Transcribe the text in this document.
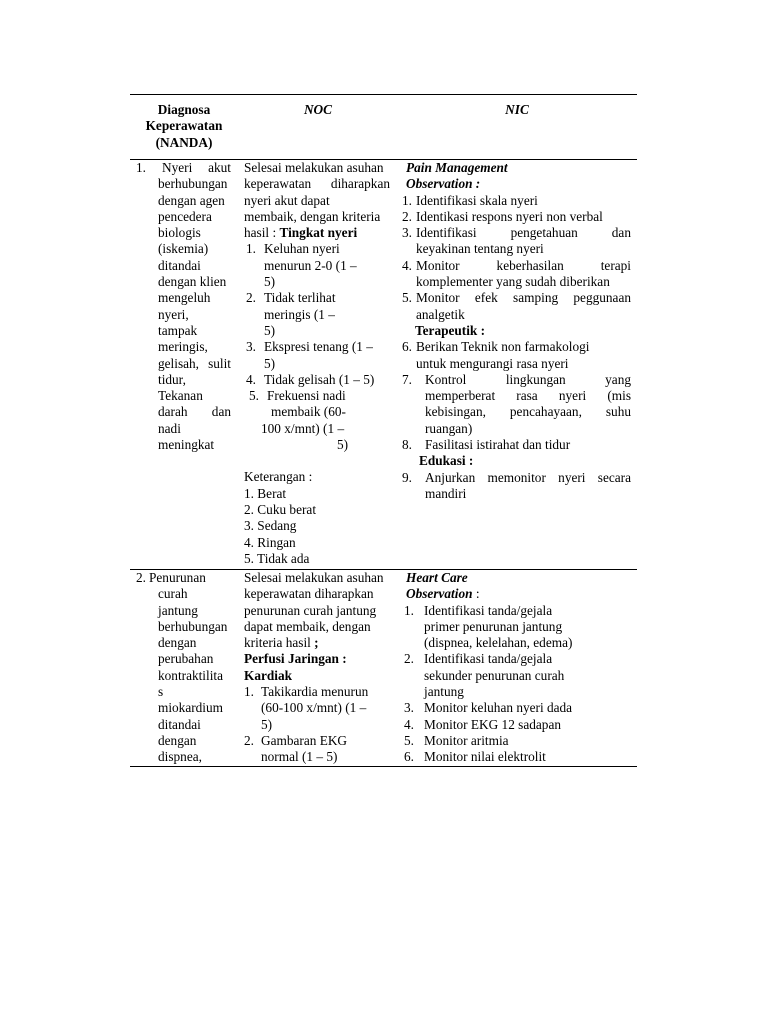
Diagnosa
Keperawatan
(NANDA)
NOC	NIC
1.	Nyeri akut
berhubungan
dengan agen
pencedera
biologis
(iskemia)
ditandai
dengan klien
mengeluh
nyeri,
tampak
meringis,
gelisah, sulit
tidur,
Tekanan
darah dan
nadi
meningkat
Selesai melakukan asuhan
keperawatan diharapkan
nyeri akut dapat
membaik, dengan kriteria
hasil : Tingkat nyeri
1. Keluhan nyeri
menurun 2-0 (1 –
5)
2. Tidak terlihat
meringis (1 –
5)
3. Ekspresi tenang (1 –
5)
4. Tidak gelisah (1 – 5)
5. Frekuensi nadi
membaik (60-
100 x/mnt) (1 –
5)
Keterangan :
1. Berat
2. Cuku berat
3. Sedang
4. Ringan
5. Tidak ada
Pain Management
Observation :
1. Identifikasi skala nyeri
2. Identikasi respons nyeri non verbal
3. Identifikasi pengetahuan dan
keyakinan tentang nyeri
4. Monitor keberhasilan terapi
komplementer yang sudah diberikan
5. Monitor efek samping peggunaan
analgetik
Terapeutik :
6. Berikan Teknik non farmakologi
untuk mengurangi rasa nyeri
7. Kontrol lingkungan yang
memperberat rasa nyeri (mis
kebisingan, pencahayaan, suhu
ruangan)
8. Fasilitasi istirahat dan tidur
Edukasi :
9. Anjurkan memonitor nyeri secara
mandiri
2. Penurunan
curah
jantung
berhubungan
dengan
perubahan
kontraktilita
s
miokardium
ditandai
dengan
dispnea,
Selesai melakukan asuhan
keperawatan diharapkan
penurunan curah jantung
dapat membaik, dengan
kriteria hasil ;
Perfusi Jaringan :
Kardiak
1. Takikardia menurun
(60-100 x/mnt) (1 –
5)
2. Gambaran EKG
normal (1 – 5)
Heart Care
Observation :
1. Identifikasi tanda/gejala
primer penurunan jantung
(dispnea, kelelahan, edema)
2. Identifikasi tanda/gejala
sekunder penurunan curah
jantung
3. Monitor keluhan nyeri dada
4. Monitor EKG 12 sadapan
5. Monitor aritmia
6. Monitor nilai elektrolit
